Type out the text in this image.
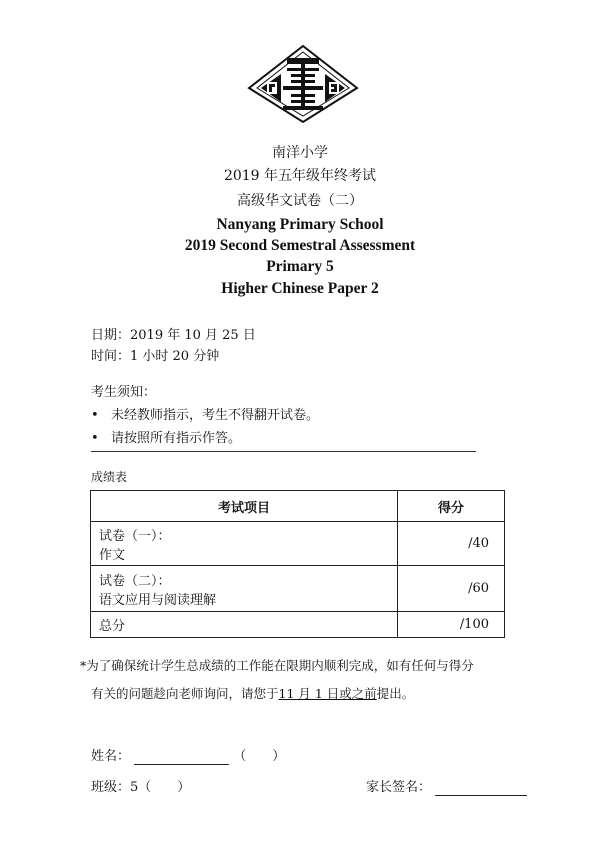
南洋小学
2019 年五年级年终考试
高级华文试卷（二）
Nanyang Primary School
2019 Second Semestral Assessment
Primary 5
Higher Chinese Paper 2
日期：2019 年 10 月 25 日
时间：1 小时 20 分钟
考生须知：
• 未经教师指示，考生不得翻开试卷。
• 请按照所有指示作答。
成绩表
考试项目	得分

试卷（一）：
作文	/40

试卷（二）：
语文应用与阅读理解	/60

总分	/100
*为了确保统计学生总成绩的工作能在限期内顺利完成，如有任何与得分
有关的问题趁向老师询问，请您于11 月 1 日或之前提出。
姓名：	（　　）
班级：5（　　）	家长签名：
